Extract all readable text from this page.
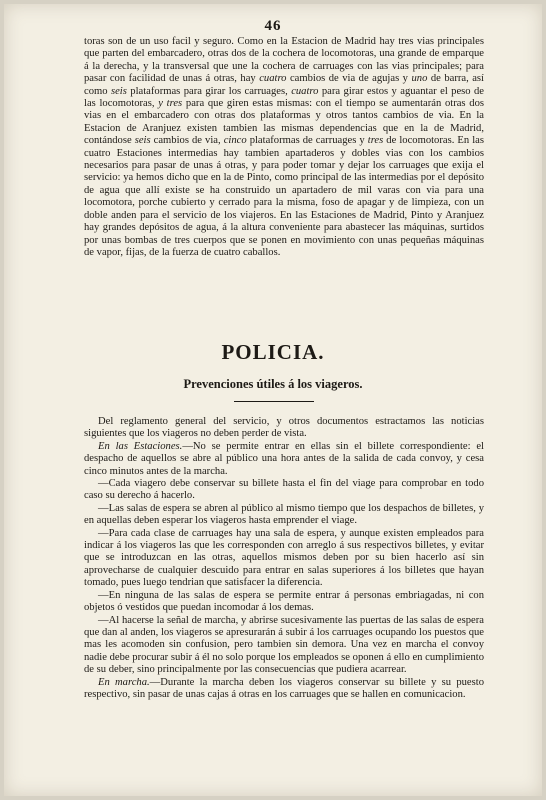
46

toras son de un uso facil y seguro. Como en la Estacion de Madrid hay tres vias principales que parten del embarcadero, otras dos de la cochera de locomotoras, una grande de emparque á la derecha, y la transversal que une la cochera de carruages con las vias principales; para pasar con facilidad de unas á otras, hay cuatro cambios de via de agujas y uno de barra, así como seis plataformas para girar los carruages, cuatro para girar estos y aguantar el peso de las locomotoras, y tres para que giren estas mismas: con el tiempo se aumentarán otras dos vias en el embarcadero con otras dos plataformas y otros tantos cambios de via. En la Estacion de Aranjuez existen tambien las mismas dependencias que en la de Madrid, contándose seis cambios de via, cinco plataformas de carruages y tres de locomotoras. En las cuatro Estaciones intermedias hay tambien apartaderos y dobles vias con los cambios necesarios para pasar de unas á otras, y para poder tomar y dejar los carruages que exija el servicio: ya hemos dicho que en la de Pinto, como principal de las intermedias por el depósito de agua que allí existe se ha construido un apartadero de mil varas con via para una locomotora, porche cubierto y cerrado para la misma, foso de apagar y de limpieza, con un doble anden para el servicio de los viajeros. En las Estaciones de Madrid, Pinto y Aranjuez hay grandes depósitos de agua, á la altura conveniente para abastecer las máquinas, surtidos por unas bombas de tres cuerpos que se ponen en movimiento con unas pequeñas máquinas de vapor, fijas, de la fuerza de cuatro caballos.

POLICIA.
Prevenciones útiles á los viageros.

Del reglamento general del servicio, y otros documentos estractamos las noticias siguientes que los viageros no deben perder de vista.

En las Estaciones.—No se permite entrar en ellas sin el billete correspondiente: el despacho de aquellos se abre al público una hora antes de la salida de cada convoy, y cesa cinco minutos antes de la marcha.

—Cada viagero debe conservar su billete hasta el fin del viage para comprobar en todo caso su derecho á hacerlo.

—Las salas de espera se abren al público al mismo tiempo que los despachos de billetes, y en aquellas deben esperar los viageros hasta emprender el viage.

—Para cada clase de carruages hay una sala de espera, y aunque existen empleados para indicar á los viageros las que les corresponden con arreglo á sus respectivos billetes, y evitar que se introduzcan en las otras, aquellos mismos deben por su bien hacerlo así sin aprovecharse de cualquier descuido para entrar en salas superiores á los billetes que hayan tomado, pues luego tendrian que satisfacer la diferencia.

—En ninguna de las salas de espera se permite entrar á personas embriagadas, ni con objetos ó vestidos que puedan incomodar á los demas.

—Al hacerse la señal de marcha, y abrirse sucesivamente las puertas de las salas de espera que dan al anden, los viageros se apresurarán á subir á los carruages ocupando los puestos que mas les acomoden sin confusion, pero tambien sin demora. Una vez en marcha el convoy nadie debe procurar subir á él no solo porque los empleados se oponen á ello en cumplimiento de su deber, sino principalmente por las consecuencias que pudiera acarrear.

En marcha.—Durante la marcha deben los viageros conservar su billete y su puesto respectivo, sin pasar de unas cajas á otras en los carruages que se hallen en comunicacion.
